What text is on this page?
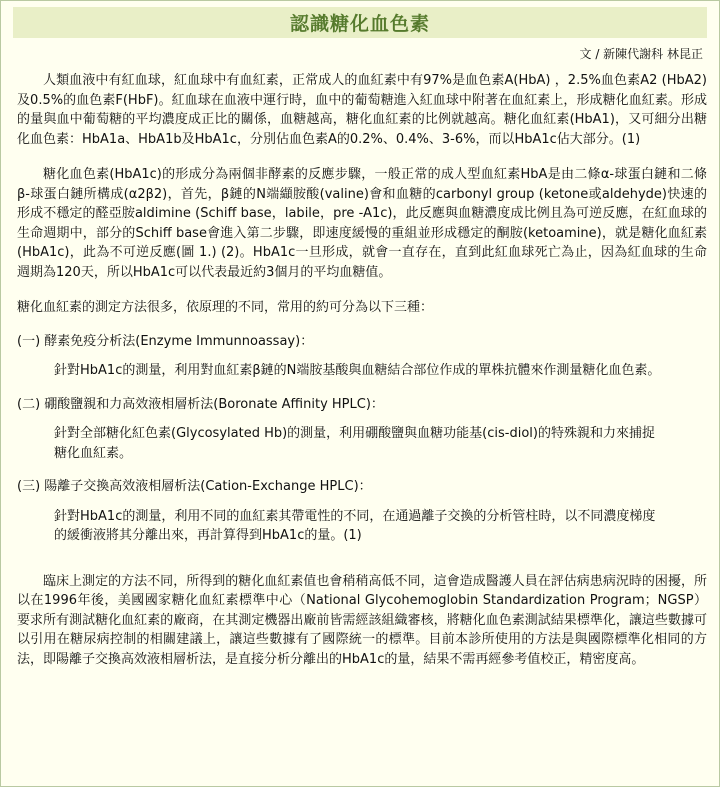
認識糖化血色素
文 / 新陳代謝科 林昆正

人類血液中有紅血球，紅血球中有血紅素，正常成人的血紅素中有97%是血色素A(HbA) ，2.5%血色素A2 (HbA2)及0.5%的血色素F(HbF)。紅血球在血液中運行時，血中的葡萄糖進入紅血球中附著在血紅素上，形成糖化血紅素。形成的量與血中葡萄糖的平均濃度成正比的關係，血糖越高，糖化血紅素的比例就越高。糖化血紅素(HbA1)，又可細分出糖化血色素：HbA1a、HbA1b及HbA1c，分別佔血色素A的0.2%、0.4%、3-6%，而以HbA1c佔大部分。(1)

糖化血色素(HbA1c)的形成分為兩個非酵素的反應步驟，一般正常的成人型血紅素HbA是由二條α-球蛋白鏈和二條β-球蛋白鏈所構成(α2β2)，首先，β鏈的N端纈胺酸(valine)會和血糖的carbonyl group (ketone或aldehyde)快速的形成不穩定的醛亞胺aldimine (Schiff base，labile，pre -A1c)，此反應與血糖濃度成比例且為可逆反應，在紅血球的生命週期中，部分的Schiff base會進入第二步驟，即速度緩慢的重組並形成穩定的酮胺(ketoamine)，就是糖化血紅素(HbA1c)，此為不可逆反應(圖 1.) (2)。HbA1c一旦形成，就會一直存在，直到此紅血球死亡為止，因為紅血球的生命週期為120天，所以HbA1c可以代表最近約3個月的平均血糖值。

糖化血紅素的測定方法很多，依原理的不同，常用的約可分為以下三種：

(一) 酵素免疫分析法(Enzyme Immunnoassay)：

針對HbA1c的測量，利用對血紅素β鏈的N端胺基酸與血糖結合部位作成的單株抗體來作測量糖化血色素。

(二) 硼酸鹽親和力高效液相層析法(Boronate Affinity HPLC)：

針對全部糖化紅色素(Glycosylated Hb)的測量，利用硼酸鹽與血糖功能基(cis-diol)的特殊親和力來捕捉糖化血紅素。

(三) 陽離子交換高效液相層析法(Cation-Exchange HPLC)：

針對HbA1c的測量，利用不同的血紅素其帶電性的不同，在通過離子交換的分析管柱時，以不同濃度梯度的緩衝液將其分離出來，再計算得到HbA1c的量。(1)

臨床上測定的方法不同，所得到的糖化血紅素值也會稍稍高低不同，這會造成醫護人員在評估病患病況時的困擾，所以在1996年後，美國國家糖化血紅素標準中心（National Glycohemoglobin Standardization Program；NGSP）要求所有測試糖化血紅素的廠商，在其測定機器出廠前皆需經該組織審核，將糖化血色素測試結果標準化，讓這些數據可以引用在糖尿病控制的相關建議上，讓這些數據有了國際統一的標準。目前本診所使用的方法是與國際標準化相同的方法，即陽離子交換高效液相層析法，是直接分析分離出的HbA1c的量，結果不需再經參考值校正，精密度高。
